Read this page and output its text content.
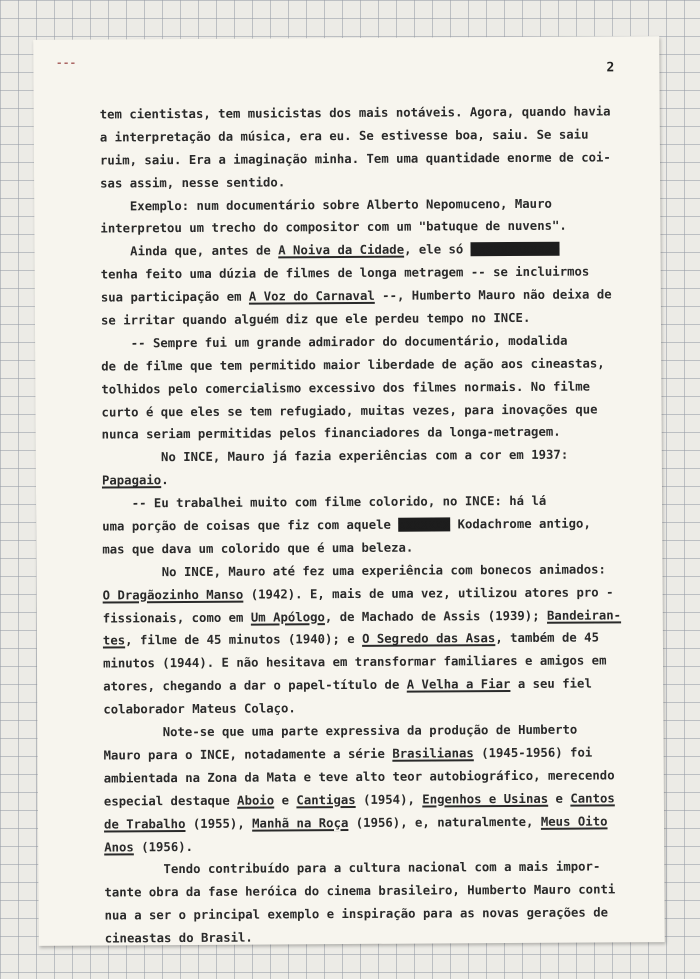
---	2
tem cientistas, tem musicistas dos mais notáveis. Agora, quando havia
a interpretação da música, era eu. Se estivesse boa, saiu. Se saiu
ruim, saiu. Era a imaginação minha. Tem uma quantidade enorme de coi-
sas assim, nesse sentido.
Exemplo: num documentário sobre Alberto Nepomuceno, Mauro
interpretou um trecho do compositor com um "batuque de nuvens".
Ainda que, antes de A Noiva da Cidade, ele só xxxxxxxxxxxx
tenha feito uma dúzia de filmes de longa metragem -- se incluirmos
sua participação em A Voz do Carnaval --, Humberto Mauro não deixa de
se irritar quando alguém diz que ele perdeu tempo no INCE.
-- Sempre fui um grande admirador do documentário, modalida
de de filme que tem permitido maior liberdade de ação aos cineastas,
tolhidos pelo comercialismo excessivo dos filmes normais. No filme
curto é que eles se tem refugiado, muitas vezes, para inovações que
nunca seriam permitidas pelos financiadores da longa-metragem.
No INCE, Mauro já fazia experiências com a cor em 1937:
Papagaio.
-- Eu trabalhei muito com filme colorido, no INCE: há lá
uma porção de coisas que fiz com aquele xxxxxxx Kodachrome antigo,
mas que dava um colorido que é uma beleza.
No INCE, Mauro até fez uma experiência com bonecos animados:
O Dragãozinho Manso (1942). E, mais de uma vez, utilizou atores pro -
fissionais, como em Um Apólogo, de Machado de Assis (1939); Bandeiran-
tes, filme de 45 minutos (1940); e O Segredo das Asas, também de 45
minutos (1944). E não hesitava em transformar familiares e amigos em
atores, chegando a dar o papel-título de A Velha a Fiar a seu fiel
colaborador Mateus Colaço.
Note-se que uma parte expressiva da produção de Humberto
Mauro para o INCE, notadamente a série Brasilianas (1945-1956) foi
ambientada na Zona da Mata e teve alto teor autobiográfico, merecendo
especial destaque Aboio e Cantigas (1954), Engenhos e Usinas e Cantos
de Trabalho (1955), Manhã na Roça (1956), e, naturalmente, Meus Oito
Anos (1956).
Tendo contribuído para a cultura nacional com a mais impor-
tante obra da fase heróica do cinema brasileiro, Humberto Mauro conti
nua a ser o principal exemplo e inspiração para as novas gerações de
cineastas do Brasil.
